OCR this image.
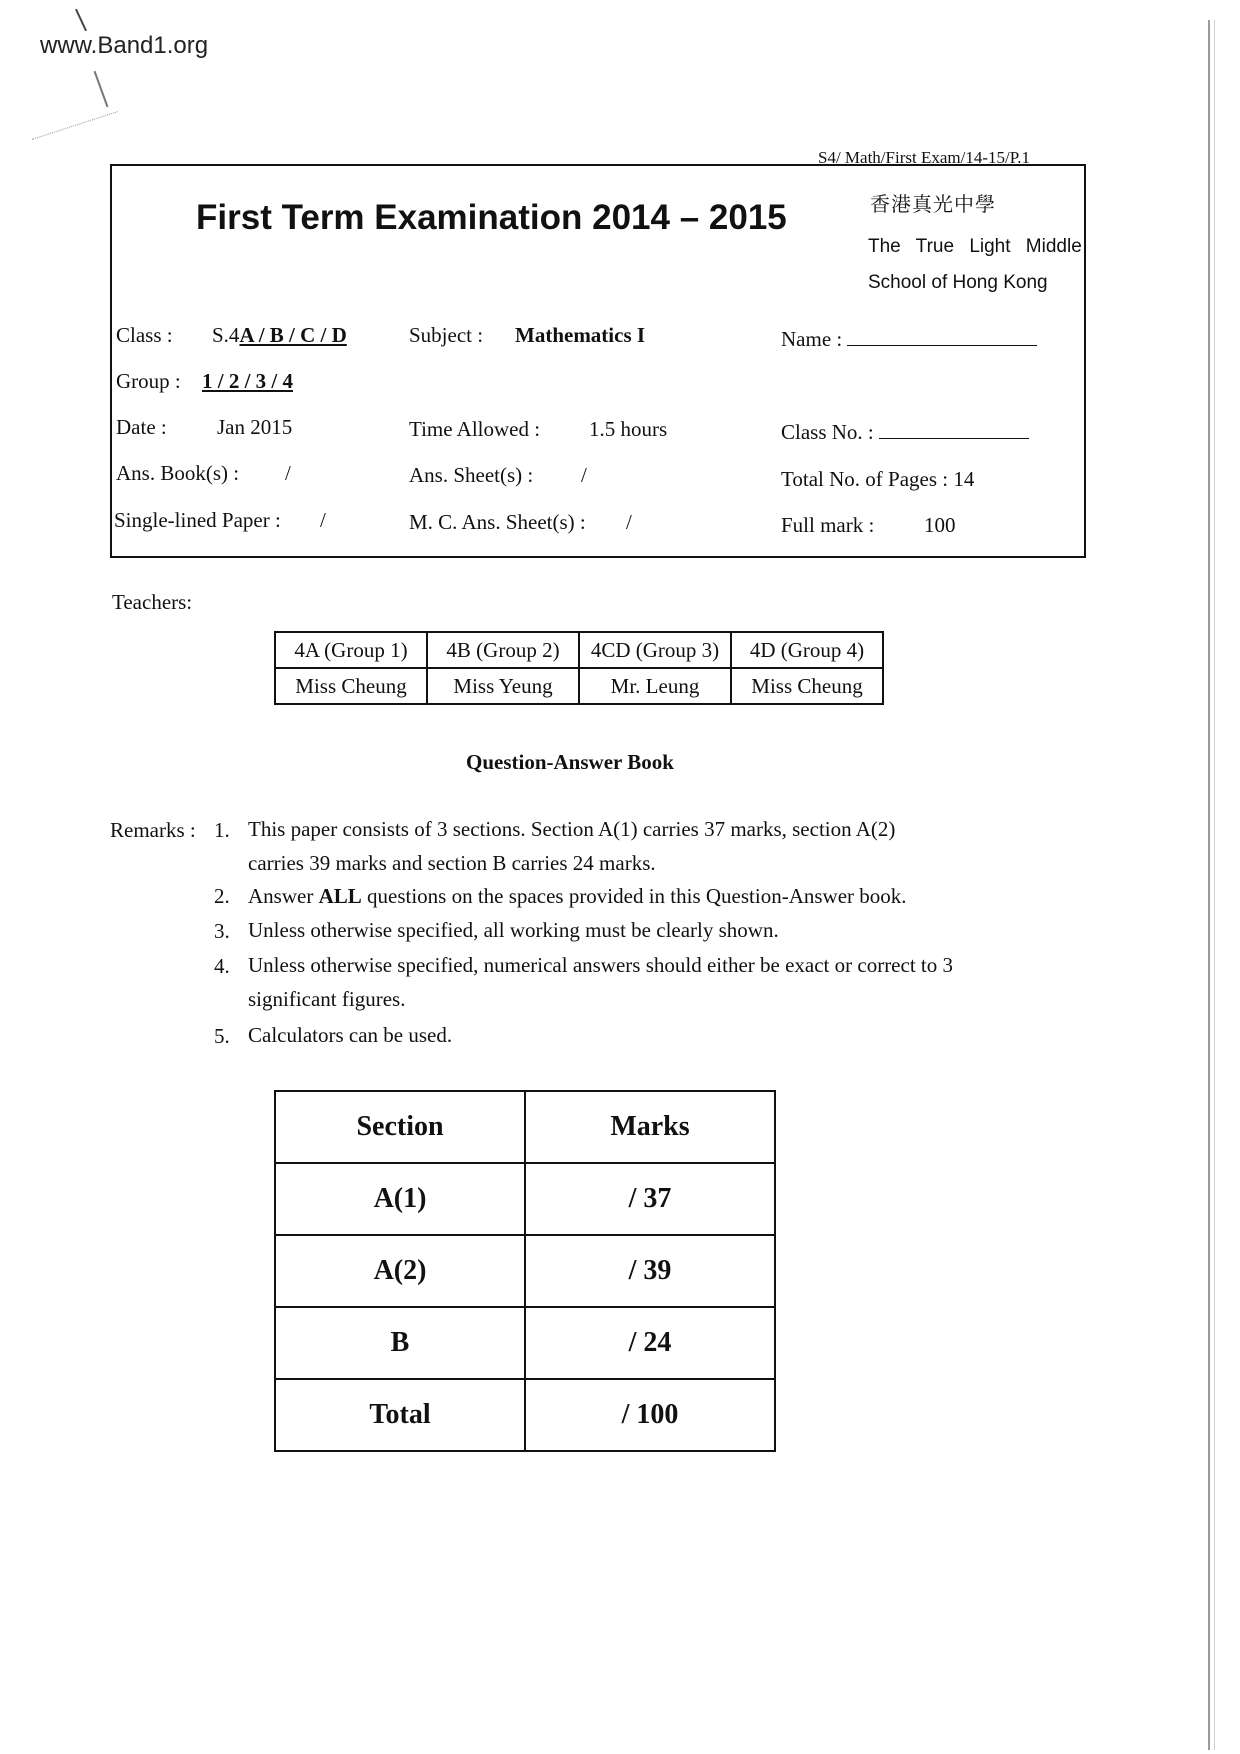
www.Band1.org
S4/ Math/First Exam/14-15/P.1
First Term Examination 2014 – 2015	香港真光中學
The True Light Middle
School of Hong Kong
Class : S.4A / B / C / D	Subject : Mathematics I	Name :
Group : 1 / 2 / 3 / 4
Date : Jan 2015	Time Allowed : 1.5 hours	Class No. :
Ans. Book(s) : /	Ans. Sheet(s) : /	Total No. of Pages : 14
Single-lined Paper : /	M. C. Ans. Sheet(s) : /	Full mark : 100
Teachers:
4A (Group 1)	4B (Group 2)	4CD (Group 3)	4D (Group 4)
Miss Cheung	Miss Yeung	Mr. Leung	Miss Cheung
Question-Answer Book
Remarks : 1. This paper consists of 3 sections. Section A(1) carries 37 marks, section A(2)
carries 39 marks and section B carries 24 marks.
2. Answer ALL questions on the spaces provided in this Question-Answer book.
3. Unless otherwise specified, all working must be clearly shown.
4. Unless otherwise specified, numerical answers should either be exact or correct to 3
significant figures.
5. Calculators can be used.
Section	Marks
A(1)	/ 37
A(2)	/ 39
B	/ 24
Total	/ 100
